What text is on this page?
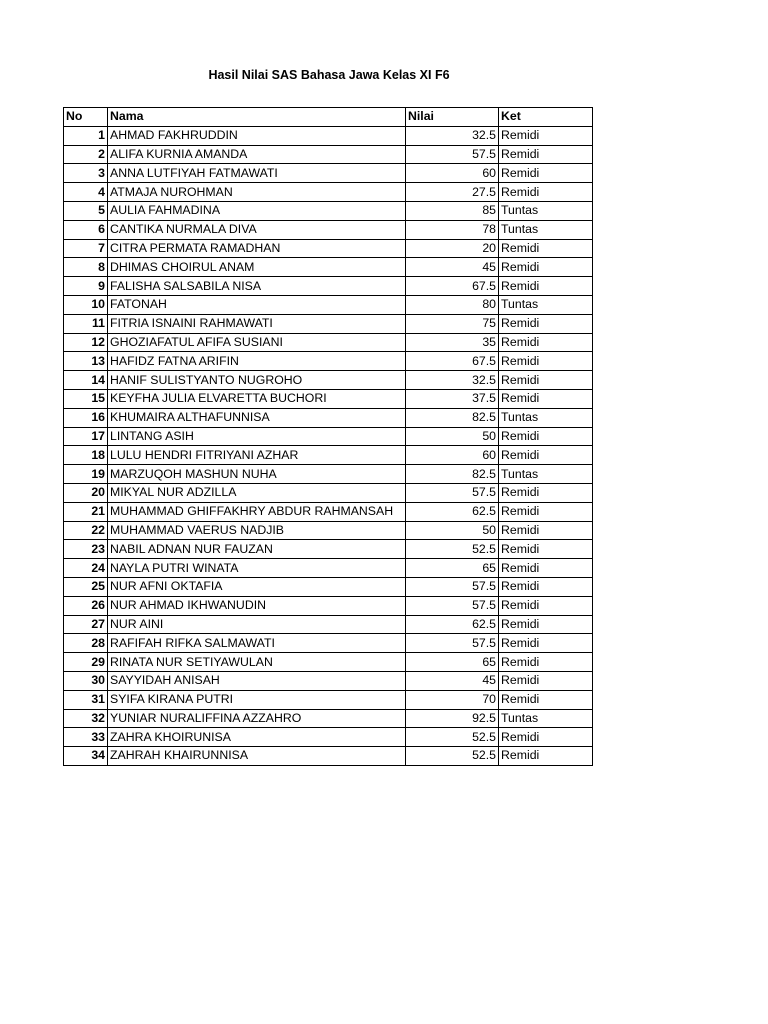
Hasil Nilai SAS Bahasa Jawa Kelas XI F6
No	Nama	Nilai	Ket
1	AHMAD FAKHRUDDIN	32.5	Remidi
2	ALIFA KURNIA AMANDA	57.5	Remidi
3	ANNA LUTFIYAH FATMAWATI	60	Remidi
4	ATMAJA NUROHMAN	27.5	Remidi
5	AULIA FAHMADINA	85	Tuntas
6	CANTIKA NURMALA DIVA	78	Tuntas
7	CITRA PERMATA RAMADHAN	20	Remidi
8	DHIMAS CHOIRUL ANAM	45	Remidi
9	FALISHA SALSABILA NISA	67.5	Remidi
10	FATONAH	80	Tuntas
11	FITRIA ISNAINI RAHMAWATI	75	Remidi
12	GHOZIAFATUL AFIFA SUSIANI	35	Remidi
13	HAFIDZ FATNA ARIFIN	67.5	Remidi
14	HANIF SULISTYANTO NUGROHO	32.5	Remidi
15	KEYFHA JULIA ELVARETTA BUCHORI	37.5	Remidi
16	KHUMAIRA ALTHAFUNNISA	82.5	Tuntas
17	LINTANG ASIH	50	Remidi
18	LULU HENDRI FITRIYANI AZHAR	60	Remidi
19	MARZUQOH MASHUN NUHA	82.5	Tuntas
20	MIKYAL NUR ADZILLA	57.5	Remidi
21	MUHAMMAD GHIFFAKHRY ABDUR RAHMANSAH	62.5	Remidi
22	MUHAMMAD VAERUS NADJIB	50	Remidi
23	NABIL ADNAN NUR FAUZAN	52.5	Remidi
24	NAYLA PUTRI WINATA	65	Remidi
25	NUR AFNI OKTAFIA	57.5	Remidi
26	NUR AHMAD IKHWANUDIN	57.5	Remidi
27	NUR AINI	62.5	Remidi
28	RAFIFAH RIFKA SALMAWATI	57.5	Remidi
29	RINATA NUR SETIYAWULAN	65	Remidi
30	SAYYIDAH ANISAH	45	Remidi
31	SYIFA KIRANA PUTRI	70	Remidi
32	YUNIAR NURALIFFINA AZZAHRO	92.5	Tuntas
33	ZAHRA KHOIRUNISA	52.5	Remidi
34	ZAHRAH KHAIRUNNISA	52.5	Remidi
